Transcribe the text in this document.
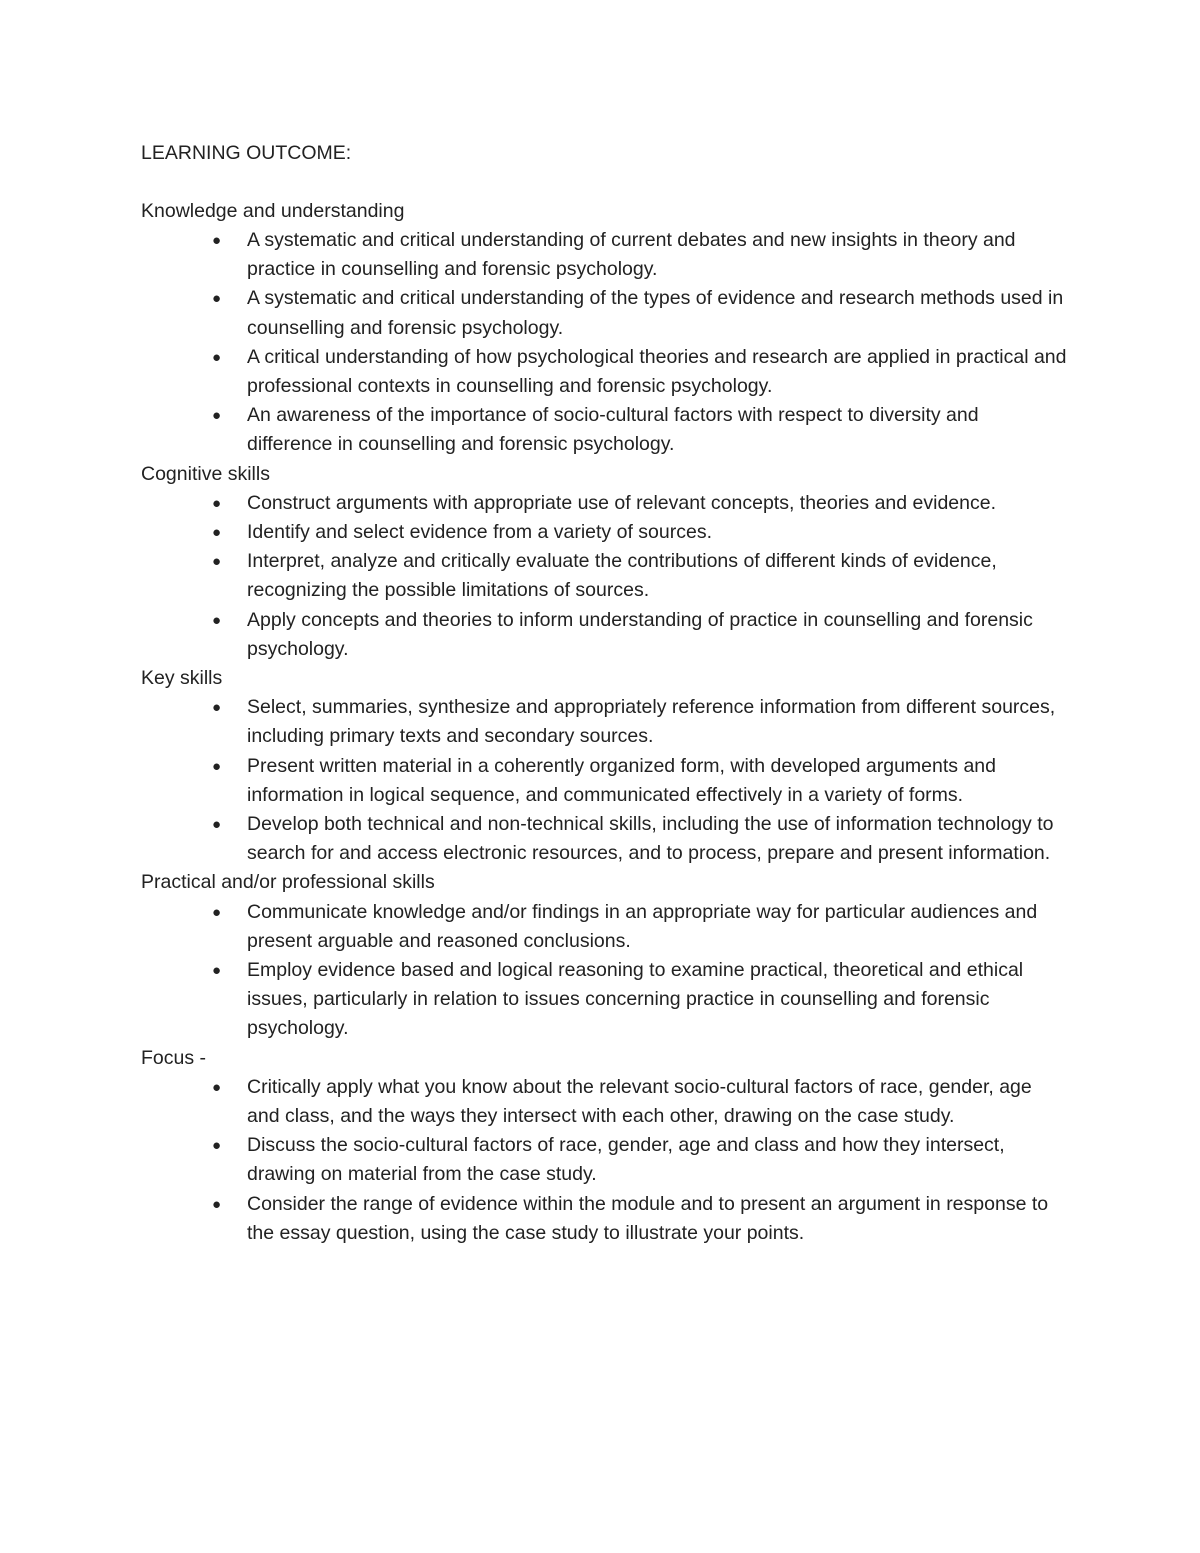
LEARNING OUTCOME:

Knowledge and understanding

● A systematic and critical understanding of current debates and new insights in theory and practice in counselling and forensic psychology.
● A systematic and critical understanding of the types of evidence and research methods used in counselling and forensic psychology.
● A critical understanding of how psychological theories and research are applied in practical and professional contexts in counselling and forensic psychology.
● An awareness of the importance of socio-cultural factors with respect to diversity and difference in counselling and forensic psychology.

Cognitive skills

● Construct arguments with appropriate use of relevant concepts, theories and evidence.
● Identify and select evidence from a variety of sources.
● Interpret, analyze and critically evaluate the contributions of different kinds of evidence, recognizing the possible limitations of sources.
● Apply concepts and theories to inform understanding of practice in counselling and forensic psychology.

Key skills

● Select, summaries, synthesize and appropriately reference information from different sources, including primary texts and secondary sources.
● Present written material in a coherently organized form, with developed arguments and information in logical sequence, and communicated effectively in a variety of forms.
● Develop both technical and non-technical skills, including the use of information technology to search for and access electronic resources, and to process, prepare and present information.

Practical and/or professional skills

● Communicate knowledge and/or findings in an appropriate way for particular audiences and present arguable and reasoned conclusions.
● Employ evidence based and logical reasoning to examine practical, theoretical and ethical issues, particularly in relation to issues concerning practice in counselling and forensic psychology.

Focus -

● Critically apply what you know about the relevant socio-cultural factors of race, gender, age and class, and the ways they intersect with each other, drawing on the case study.
● Discuss the socio-cultural factors of race, gender, age and class and how they intersect, drawing on material from the case study.
● Consider the range of evidence within the module and to present an argument in response to the essay question, using the case study to illustrate your points.
